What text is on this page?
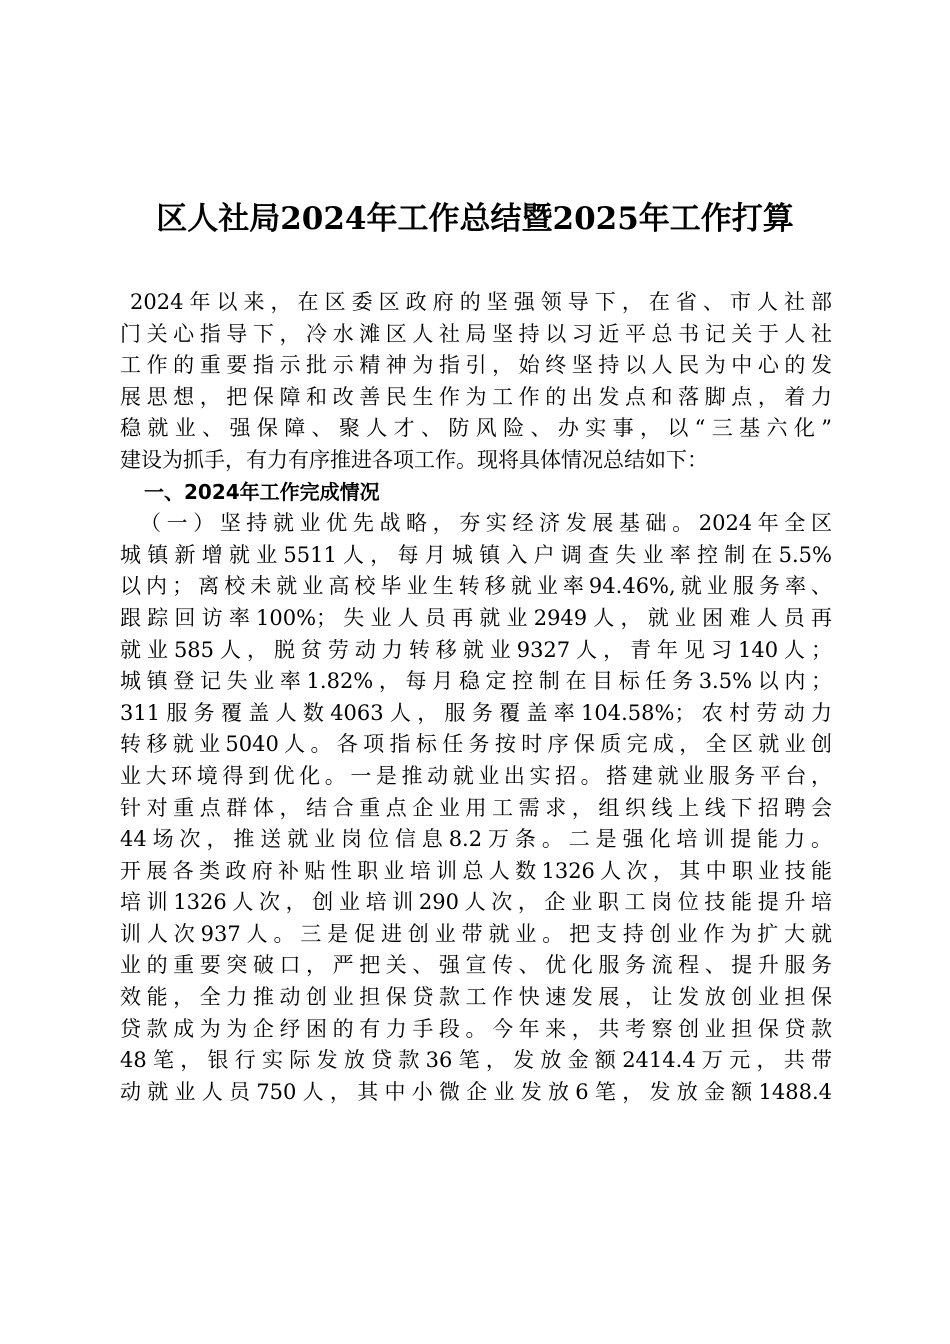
区人社局2024年工作总结暨2025年工作打算
2024年以来，在区委区政府的坚强领导下，在省、市人社部
门关心指导下，冷水滩区人社局坚持以习近平总书记关于人社
工作的重要指示批示精神为指引，始终坚持以人民为中心的发
展思想，把保障和改善民生作为工作的出发点和落脚点，着力
稳就业、强保障、聚人才、防风险、办实事，以“三基六化”
建设为抓手，有力有序推进各项工作。现将具体情况总结如下：
一、2024年工作完成情况
（一）坚持就业优先战略，夯实经济发展基础。2024年全区
城镇新增就业5511人，每月城镇入户调查失业率控制在5.5%
以内；离校未就业高校毕业生转移就业率94.46%,就业服务率、
跟踪回访率100%；失业人员再就业2949人，就业困难人员再
就业585人，脱贫劳动力转移就业9327人，青年见习140人；
城镇登记失业率1.82%，每月稳定控制在目标任务3.5%以内；
311服务覆盖人数4063人，服务覆盖率104.58%；农村劳动力
转移就业5040人。各项指标任务按时序保质完成，全区就业创
业大环境得到优化。一是推动就业出实招。搭建就业服务平台，
针对重点群体，结合重点企业用工需求，组织线上线下招聘会
44场次，推送就业岗位信息8.2万条。二是强化培训提能力。
开展各类政府补贴性职业培训总人数1326人次，其中职业技能
培训1326人次，创业培训290人次，企业职工岗位技能提升培
训人次937人。三是促进创业带就业。把支持创业作为扩大就
业的重要突破口，严把关、强宣传、优化服务流程、提升服务
效能，全力推动创业担保贷款工作快速发展，让发放创业担保
贷款成为为企纾困的有力手段。今年来，共考察创业担保贷款
48笔，银行实际发放贷款36笔，发放金额2414.4万元，共带
动就业人员750人，其中小微企业发放6笔，发放金额1488.4
